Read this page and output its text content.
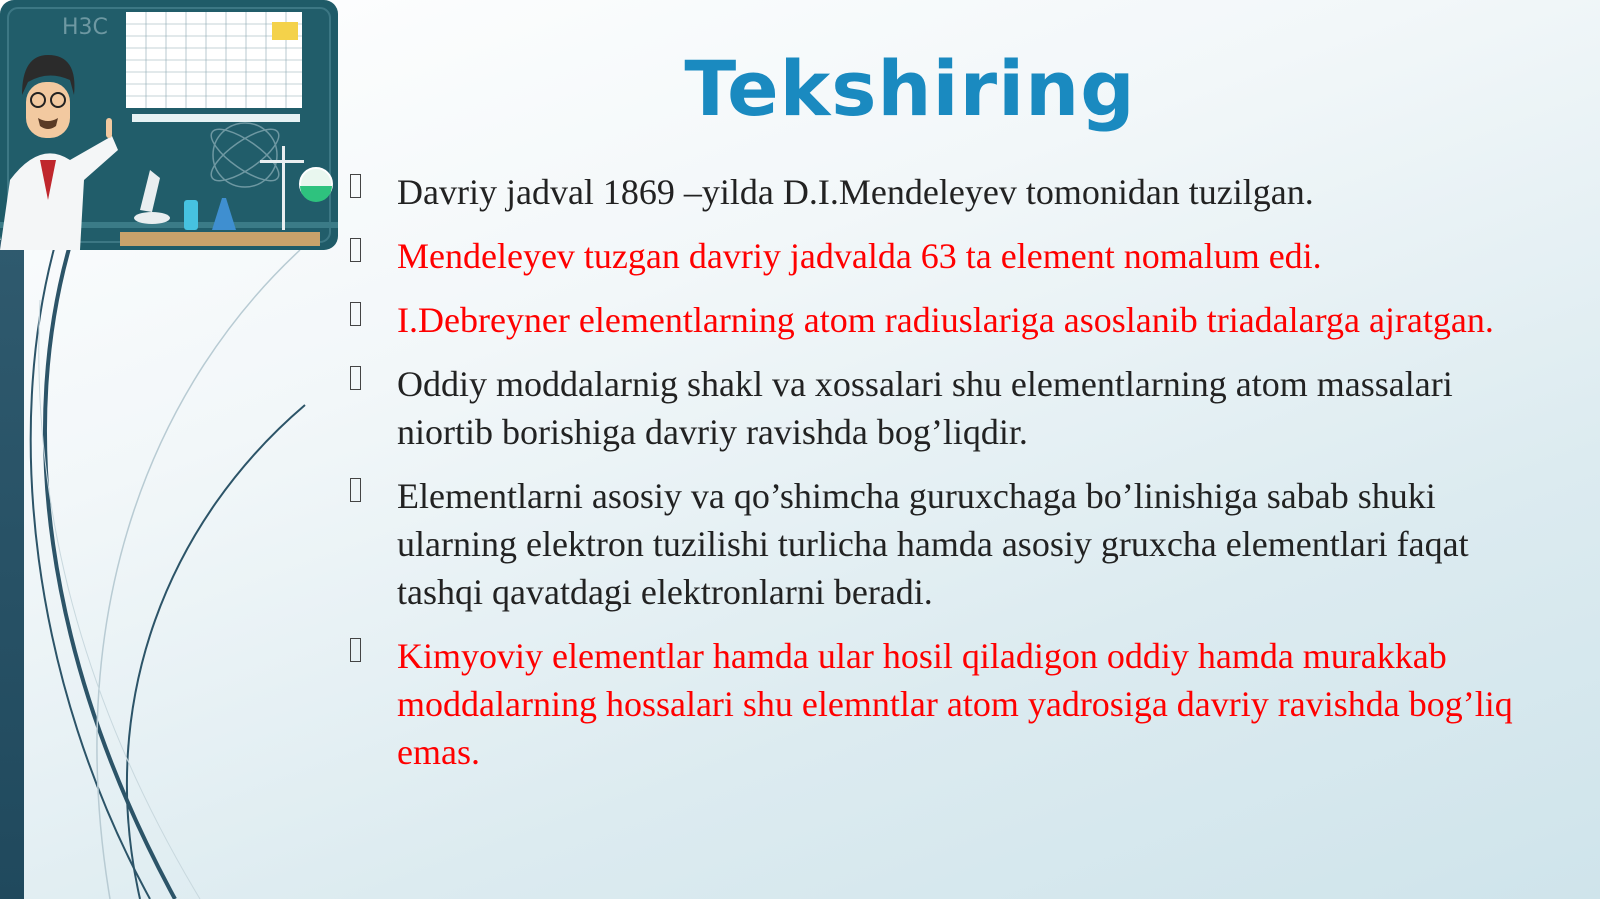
H3C
Tekshiring
Davriy jadval 1869 –yilda D.I.Mendeleyev tomonidan tuzilgan.
Mendeleyev tuzgan davriy jadvalda 63 ta element nomalum edi.
I.Debreyner elementlarning atom radiuslariga asoslanib triadalarga ajratgan.
Oddiy moddalarnig shakl va xossalari shu elementlarning atom massalari niortib borishiga davriy ravishda bog’liqdir.
Elementlarni asosiy va qo’shimcha guruxchaga bo’linishiga sabab shuki ularning elektron tuzilishi turlicha hamda asosiy gruxcha elementlari faqat tashqi qavatdagi elektronlarni beradi.
Kimyoviy elementlar hamda ular hosil qiladigon oddiy hamda murakkab moddalarning hossalari shu elemntlar atom yadrosiga davriy ravishda bog’liq emas.
